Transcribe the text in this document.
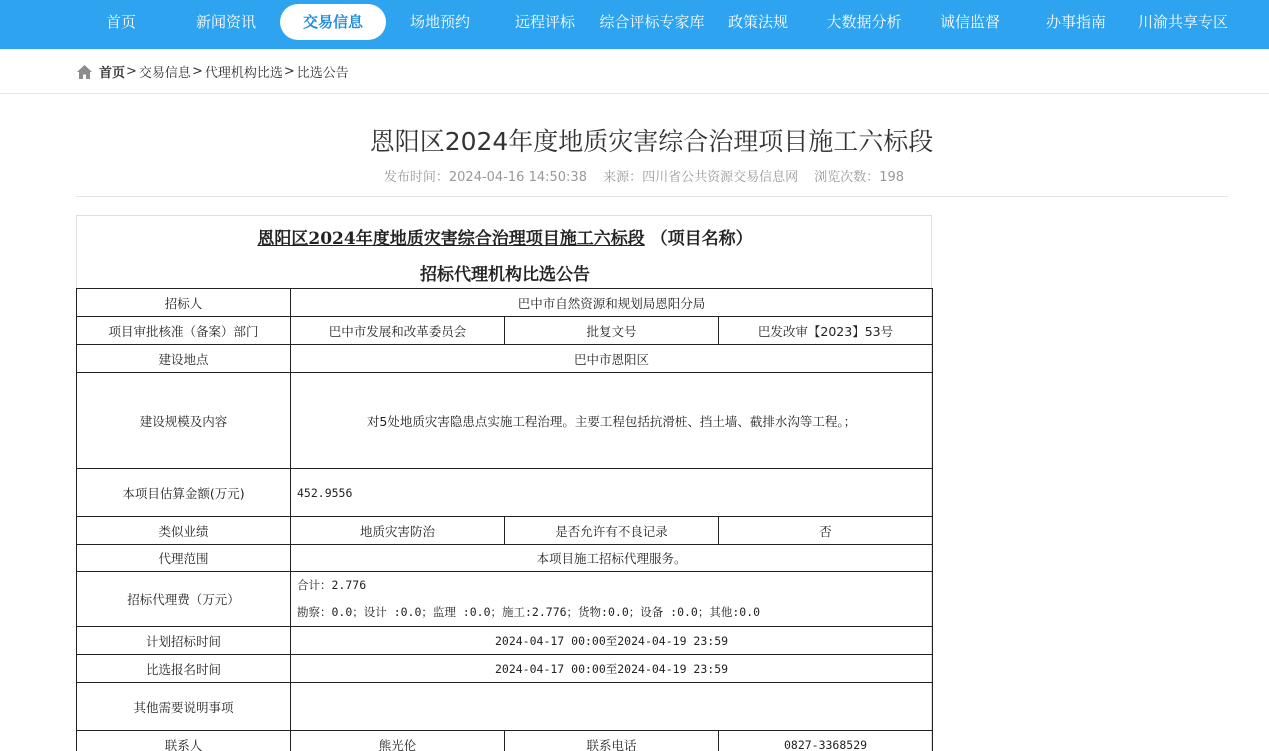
首页	新闻资讯	交易信息	场地预约	远程评标	综合评标专家库	政策法规	大数据分析	诚信监督	办事指南	川渝共享专区
首页 > 交易信息 > 代理机构比选 > 比选公告
恩阳区2024年度地质灾害综合治理项目施工六标段
发布时间：2024-04-16 14:50:38 来源：四川省公共资源交易信息网 浏览次数：198
恩阳区2024年度地质灾害综合治理项目施工六标段 （项目名称）
招标代理机构比选公告
招标人	巴中市自然资源和规划局恩阳分局		
项目审批核准（备案）部门	巴中市发展和改革委员会	批复文号	巴发改审【2023】53号
建设地点	巴中市恩阳区		
建设规模及内容	对5处地质灾害隐患点实施工程治理。主要工程包括抗滑桩、挡土墙、截排水沟等工程。；		
本项目估算金额(万元)	452.9556		
类似业绩	地质灾害防治	是否允许有不良记录	否
代理范围	本项目施工招标代理服务。		
招标代理费（万元）	合计：2.776
勘察：0.0；设计 :0.0；监理 :0.0；施工:2.776；货物:0.0；设备 :0.0；其他:0.0		

计划招标时间	2024-04-17 00:00至2024-04-19 23:59		
比选报名时间	2024-04-17 00:00至2024-04-19 23:59		
其他需要说明事项			
联系人	熊光伦	联系电话	0827-3368529
